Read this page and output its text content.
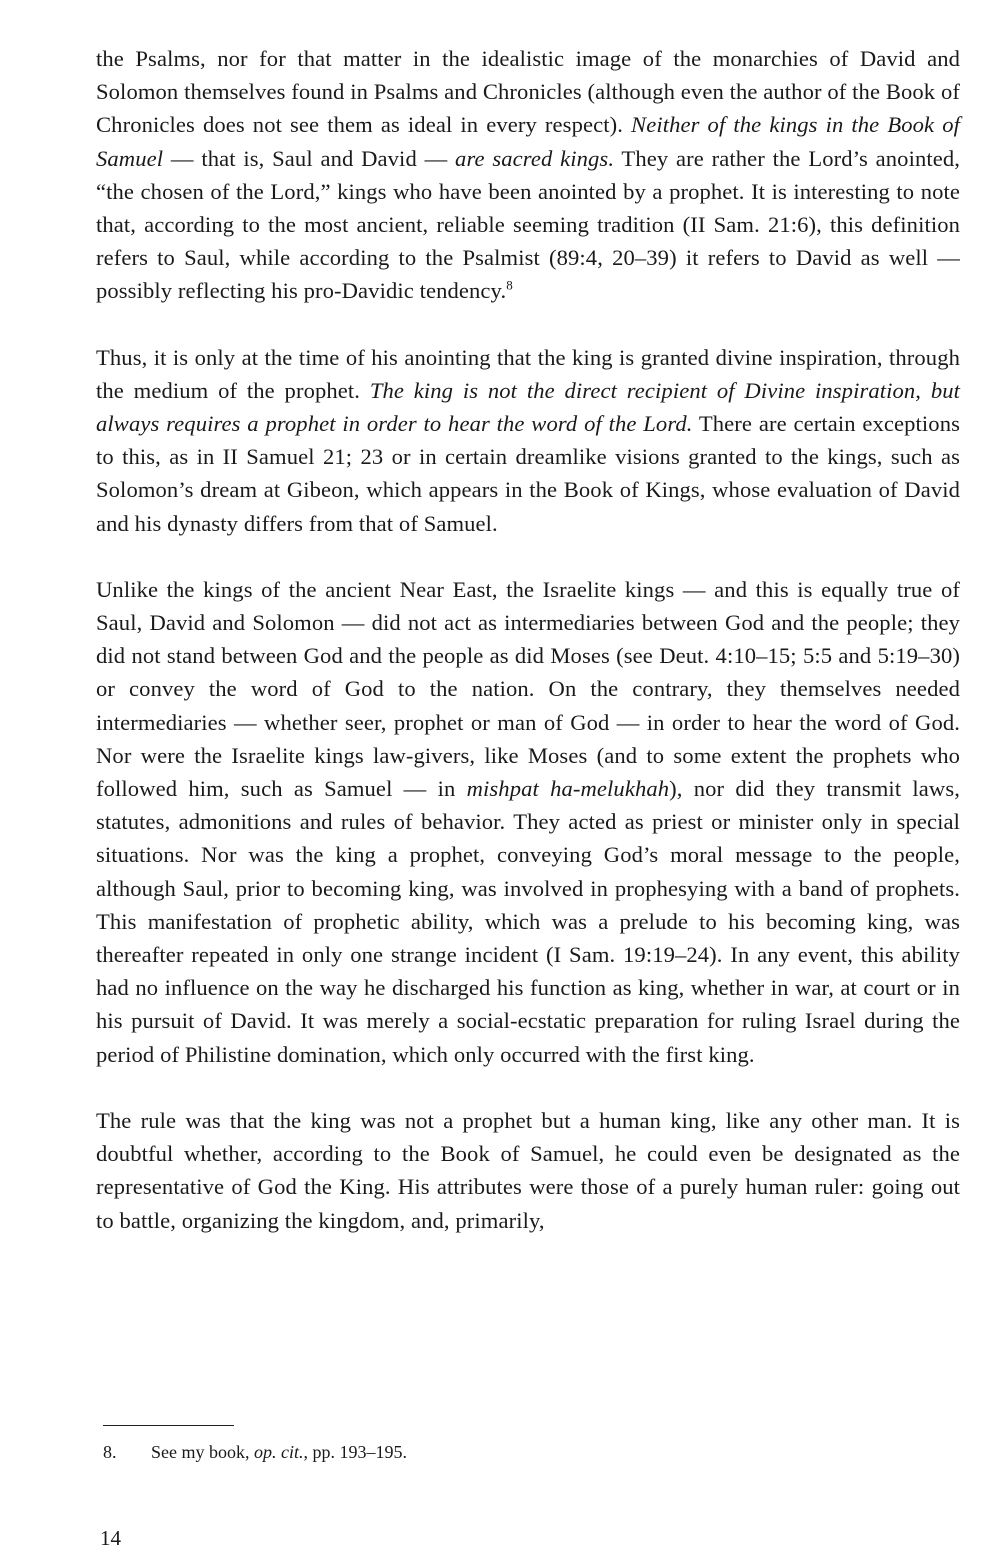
the Psalms, nor for that matter in the idealistic image of the monarchies of David and Solomon themselves found in Psalms and Chronicles (although even the author of the Book of Chronicles does not see them as ideal in every respect). Neither of the kings in the Book of Samuel — that is, Saul and David — are sacred kings. They are rather the Lord’s anointed, “the chosen of the Lord,” kings who have been anointed by a prophet. It is interesting to note that, according to the most ancient, reliable seeming tradition (II Sam. 21:6), this definition refers to Saul, while according to the Psalmist (89:4, 20–39) it refers to David as well — possibly reflecting his pro-Davidic tendency.$^8$

Thus, it is only at the time of his anointing that the king is granted divine inspiration, through the medium of the prophet. The king is not the direct recipient of Divine inspiration, but always requires a prophet in order to hear the word of the Lord. There are certain exceptions to this, as in II Samuel 21; 23 or in certain dreamlike visions granted to the kings, such as Solomon’s dream at Gibeon, which appears in the Book of Kings, whose evaluation of David and his dynasty differs from that of Samuel.

Unlike the kings of the ancient Near East, the Israelite kings — and this is equally true of Saul, David and Solomon — did not act as intermediaries between God and the people; they did not stand between God and the people as did Moses (see Deut. 4:10–15; 5:5 and 5:19–30) or convey the word of God to the nation. On the contrary, they themselves needed intermediaries — whether seer, prophet or man of God — in order to hear the word of God. Nor were the Israelite kings law-givers, like Moses (and to some extent the prophets who followed him, such as Samuel — in mishpat ha-melukhah), nor did they transmit laws, statutes, admonitions and rules of behavior. They acted as priest or minister only in special situations. Nor was the king a prophet, conveying God’s moral message to the people, although Saul, prior to becoming king, was involved in prophesying with a band of prophets. This manifestation of prophetic ability, which was a prelude to his becoming king, was thereafter repeated in only one strange incident (I Sam. 19:19–24). In any event, this ability had no influence on the way he discharged his function as king, whether in war, at court or in his pursuit of David. It was merely a social-ecstatic preparation for ruling Israel during the period of Philistine domination, which only occurred with the first king.

The rule was that the king was not a prophet but a human king, like any other man. It is doubtful whether, according to the Book of Samuel, he could even be designated as the representative of God the King. His attributes were those of a purely human ruler: going out to battle, organizing the kingdom, and, primarily,

8. See my book, op. cit., pp. 193–195.
14
